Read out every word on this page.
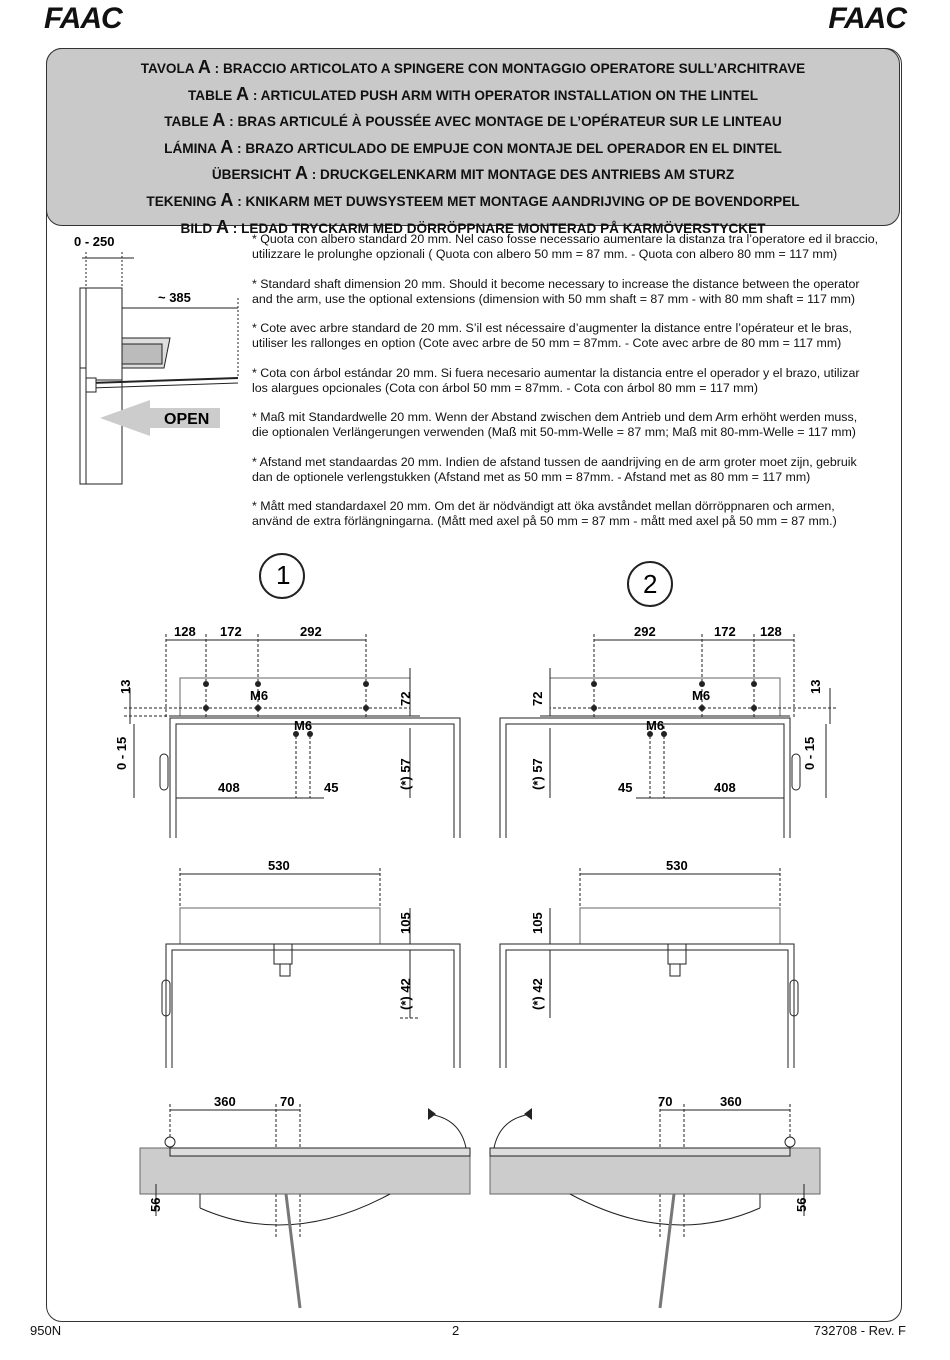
FAAC	FAAC
TAVOLA A : BRACCIO ARTICOLATO A SPINGERE CON MONTAGGIO OPERATORE SULL’ARCHITRAVE
TABLE A : ARTICULATED PUSH ARM WITH OPERATOR INSTALLATION ON THE LINTEL
TABLE A : BRAS ARTICULÉ À POUSSÉE AVEC MONTAGE DE L’OPÉRATEUR SUR LE LINTEAU
LÁMINA A : BRAZO ARTICULADO DE EMPUJE CON MONTAJE DEL OPERADOR EN EL DINTEL
ÜBERSICHT A : DRUCKGELENKARM MIT MONTAGE DES ANTRIEBS AM STURZ
TEKENING A : KNIKARM MET DUWSYSTEEM MET MONTAGE AANDRIJVING OP DE BOVENDORPEL
BILD A : LEDAD TRYCKARM MED DÖRRÖPPNARE MONTERAD PÅ KARMÖVERSTYCKET
0 - 250
~ 385
OPEN

* Quota con albero standard 20 mm. Nel caso fosse necessario aumentare la distanza tra l’operatore ed il braccio,
utilizzare le prolunghe opzionali ( Quota con albero 50 mm = 87 mm. - Quota con albero 80 mm = 117 mm)

* Standard shaft dimension 20 mm. Should it become necessary to increase the distance between the operator
and the arm, use the optional extensions (dimension with 50 mm shaft = 87 mm - with 80 mm shaft = 117 mm)

* Cote avec arbre standard de 20 mm. S’il est nécessaire d’augmenter la distance entre l’opérateur et le bras,
utiliser les rallonges en option (Cote avec arbre de 50 mm = 87mm. - Cote avec arbre de 80 mm = 117 mm)

* Cota con árbol estándar 20 mm. Si fuera necesario aumentar la distancia entre el operador y el brazo, utilizar
los alargues opcionales (Cota con árbol 50 mm = 87mm. - Cota con árbol 80 mm = 117 mm)

* Maß mit Standardwelle 20 mm. Wenn der Abstand zwischen dem Antrieb und dem Arm erhöht werden muss,
die optionalen Verlängerungen verwenden (Maß mit 50-mm-Welle = 87 mm; Maß mit 80-mm-Welle = 117 mm)

* Afstand met standaardas 20 mm. Indien de afstand tussen de aandrijving en de arm groter moet zijn, gebruik
dan de optionele verlengstukken (Afstand met as 50 mm = 87mm. - Afstand met as 80 mm = 117 mm)

* Mått med standardaxel 20 mm. Om det är nödvändigt att öka avståndet mellan dörröppnaren och armen,
använd de extra förlängningarna. (Mått med axel på 50 mm = 87 mm - mått med axel på 50 mm = 87 mm.)

1
128 172	292
M6
M6
408	45
13
0 - 15
72
(*) 57
530
105
(*) 42
360	70
56
2
128
172
292
M6
M6
408
45
13
0 - 15
72
(*) 57
530
105
(*) 42
360
70
56
950N	2	732708 - Rev. F
